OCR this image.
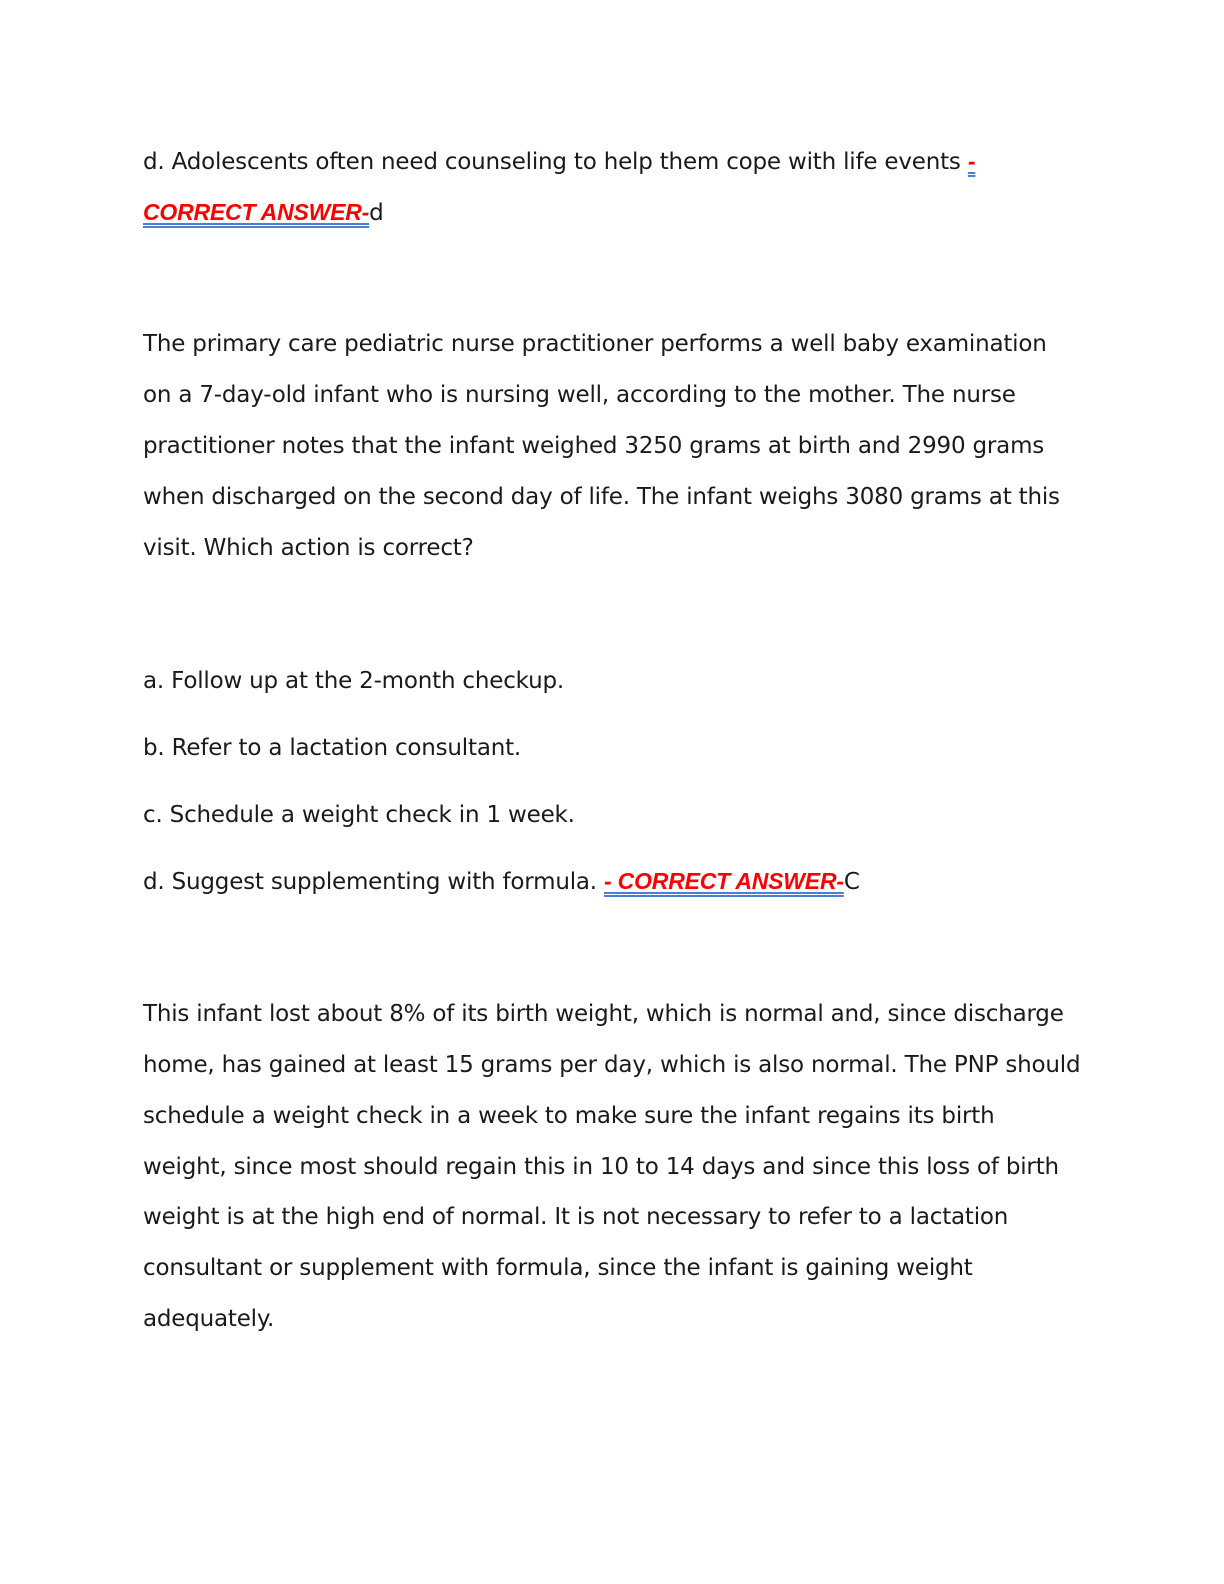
d. Adolescents often need counseling to help them cope with life events -
CORRECT ANSWER-d
The primary care pediatric nurse practitioner performs a well baby examination
on a 7-day-old infant who is nursing well, according to the mother. The nurse
practitioner notes that the infant weighed 3250 grams at birth and 2990 grams
when discharged on the second day of life. The infant weighs 3080 grams at this
visit. Which action is correct?
a. Follow up at the 2-month checkup.
b. Refer to a lactation consultant.
c. Schedule a weight check in 1 week.
d. Suggest supplementing with formula. - CORRECT ANSWER-C
This infant lost about 8% of its birth weight, which is normal and, since discharge
home, has gained at least 15 grams per day, which is also normal. The PNP should
schedule a weight check in a week to make sure the infant regains its birth
weight, since most should regain this in 10 to 14 days and since this loss of birth
weight is at the high end of normal. It is not necessary to refer to a lactation
consultant or supplement with formula, since the infant is gaining weight
adequately.
